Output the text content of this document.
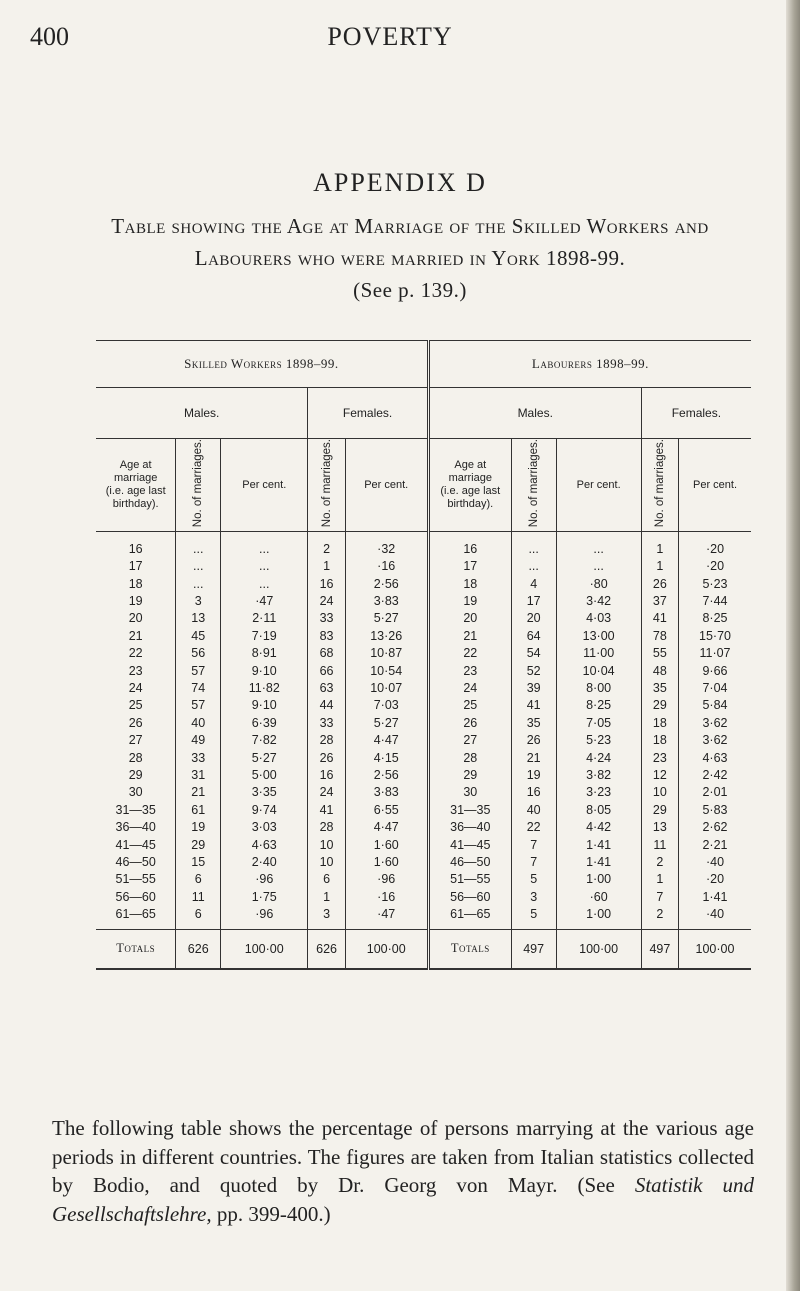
400	POVERTY
APPENDIX D
Table showing the Age at Marriage of the Skilled Workers and Labourers who were married in York 1898-99.
(See p. 139.)
Skilled Workers 1898–99.					Labourers 1898–99.				
Males.			Females.		Males.			Females.	
Age at
marriage
(i.e. age last
birthday).	No. of marriages.	Per cent.	No. of marriages.	Per cent.	Age at
marriage
(i.e. age last
birthday).	No. of marriages.	Per cent.	No. of marriages.	Per cent.
16	...	...	2	·32	16	...	...	1	·20
17	...	...	1	·16	17	...	...	1	·20
18	...	...	16	2·56	18	4	·80	26	5·23
19	3	·47	24	3·83	19	17	3·42	37	7·44
20	13	2·11	33	5·27	20	20	4·03	41	8·25
21	45	7·19	83	13·26	21	64	13·00	78	15·70
22	56	8·91	68	10·87	22	54	11·00	55	11·07
23	57	9·10	66	10·54	23	52	10·04	48	9·66
24	74	11·82	63	10·07	24	39	8·00	35	7·04
25	57	9·10	44	7·03	25	41	8·25	29	5·84
26	40	6·39	33	5·27	26	35	7·05	18	3·62
27	49	7·82	28	4·47	27	26	5·23	18	3·62
28	33	5·27	26	4·15	28	21	4·24	23	4·63
29	31	5·00	16	2·56	29	19	3·82	12	2·42
30	21	3·35	24	3·83	30	16	3·23	10	2·01
31—35	61	9·74	41	6·55	31—35	40	8·05	29	5·83
36—40	19	3·03	28	4·47	36—40	22	4·42	13	2·62
41—45	29	4·63	10	1·60	41—45	7	1·41	11	2·21
46—50	15	2·40	10	1·60	46—50	7	1·41	2	·40
51—55	6	·96	6	·96	51—55	5	1·00	1	·20
56—60	11	1·75	1	·16	56—60	3	·60	7	1·41
61—65	6	·96	3	·47	61—65	5	1·00	2	·40
Totals	626	100·00	626	100·00	Totals	497	100·00	497	100·00

The following table shows the percentage of persons marrying at the various age periods in different countries. The figures are taken from Italian statistics collected by Bodio, and quoted by Dr. Georg von Mayr. (See Statistik und Gesellschaftslehre, pp. 399-400.)
